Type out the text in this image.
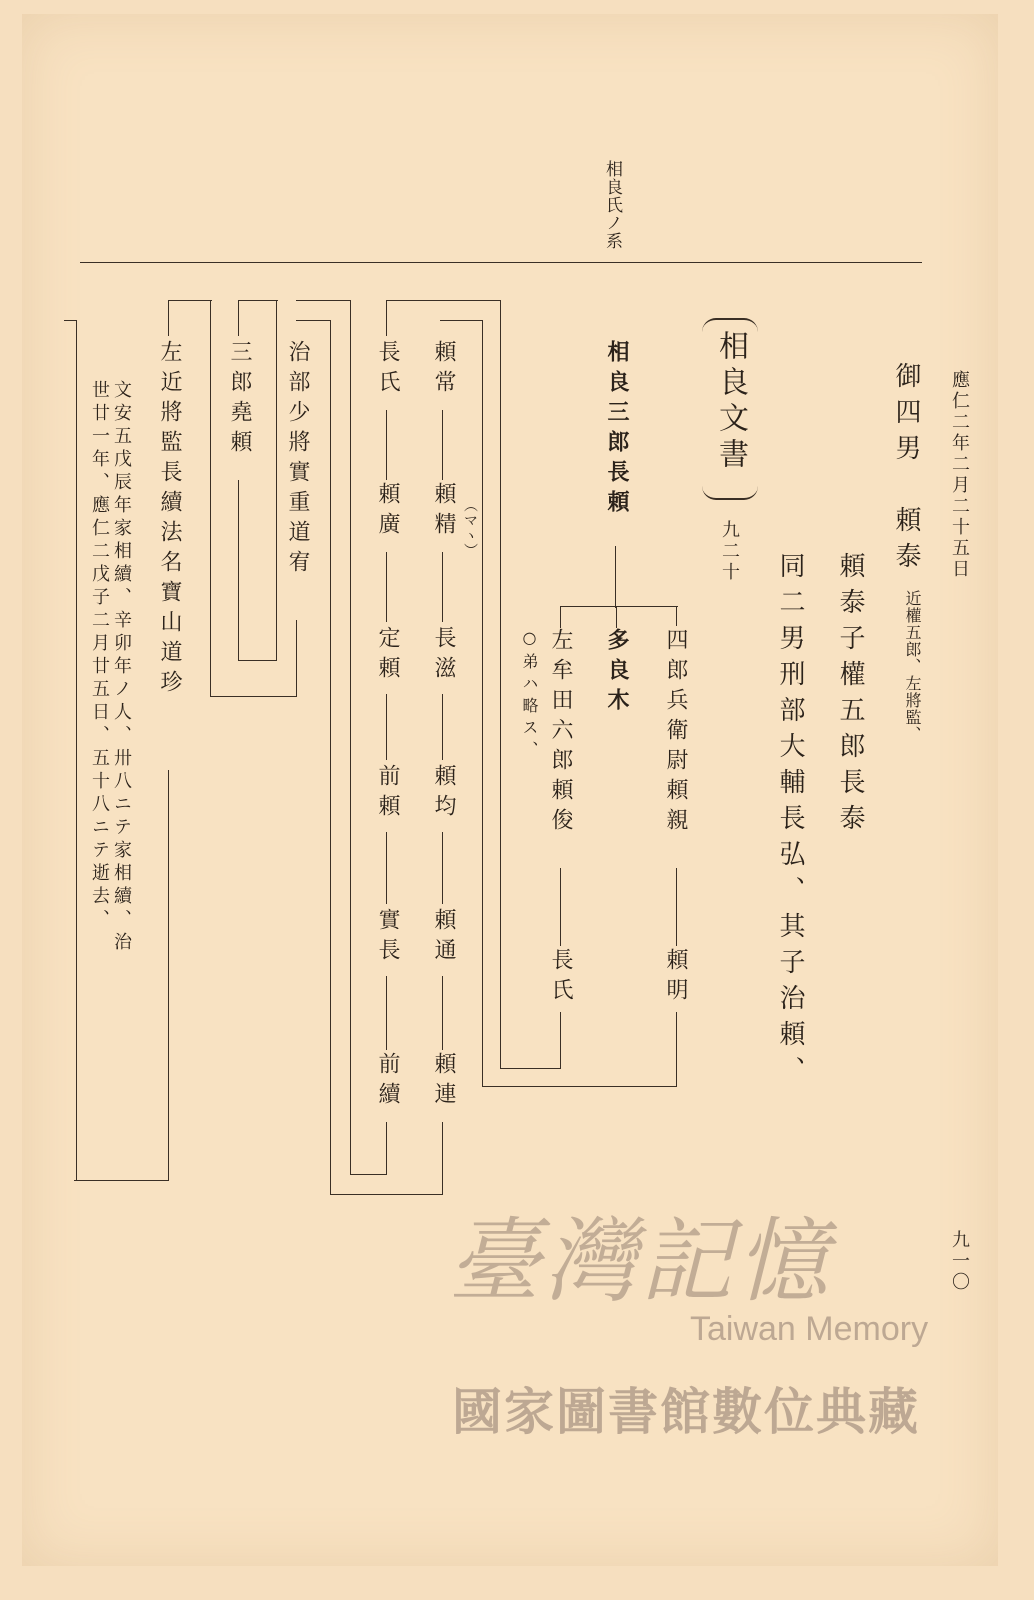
相良氏ノ系
應仁二年二月二十五日
御四男　頼泰
近權五郎、左將監、
頼泰子權五郎長泰
同二男刑部大輔長弘、其子治頼、
相良文書
九二十
相良三郎長頼
四郎兵衛尉頼親
頼明
多良木
左牟田六郎頼俊
長氏
○弟ハ略ス、
頼常
頼精 （マヽ）
長滋
頼均
頼通
頼連
長氏
頼廣
定頼
前頼
實長
前續
治部少將實重道宥
三郎堯頼
左近將監長續法名寶山道珍
文安五戊辰年家相續、辛卯年ノ人、卅八ニテ家相續、治
世廿一年、應仁二戊子二月廿五日、五十八ニテ逝去、
九一〇
臺灣記憶
Taiwan Memory
國家圖書館數位典藏
